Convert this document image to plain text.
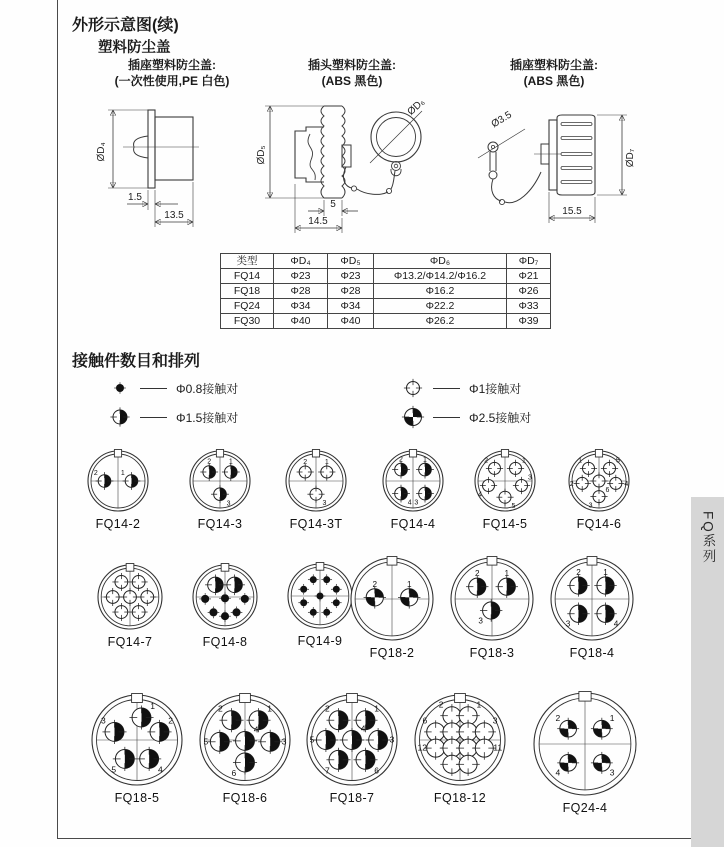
FQ系列
外形示意图(续)
塑料防尘盖
插座塑料防尘盖:
(一次性使用,PE 白色)
插头塑料防尘盖:
(ABS 黑色)
插座塑料防尘盖:
(ABS 黑色)
ØD₄
1.5
13.5
ØD₅
ØD₆
5
14.5
Ø3.5
ØD₇
15.5
类型	ΦD₄	ΦD₅	ΦD₆	ΦD₇
FQ14	Φ23	Φ23	Φ13.2/Φ14.2/Φ16.2	Φ21
FQ18	Φ28	Φ28	Φ16.2	Φ26
FQ24	Φ34	Φ34	Φ22.2	Φ33
FQ30	Φ40	Φ40	Φ26.2	Φ39
接触件数目和排列
Φ0.8接触对
Φ1.5接触对
Φ1接触对
Φ2.5接触对
2	1
FQ14-2
2	1
3
FQ14-3
2	1
3
FQ14-3T
2	1
4 3
FQ14-4
2	1
4
3
5
FQ14-5
1	5
2
6
4
3
FQ14-6
FQ14-7	FQ14-8	FQ14-9
2	1
FQ18-2
2	1
3
FQ18-3
2	1
3	4
FQ18-4
1
3	2
5	4
FQ18-5
2	1
5
4
3
6
FQ18-6
2	1
5
4
3
7	6
FQ18-7
2	1
6	3
12	11
FQ18-12
2	1
4	3
FQ24-4
